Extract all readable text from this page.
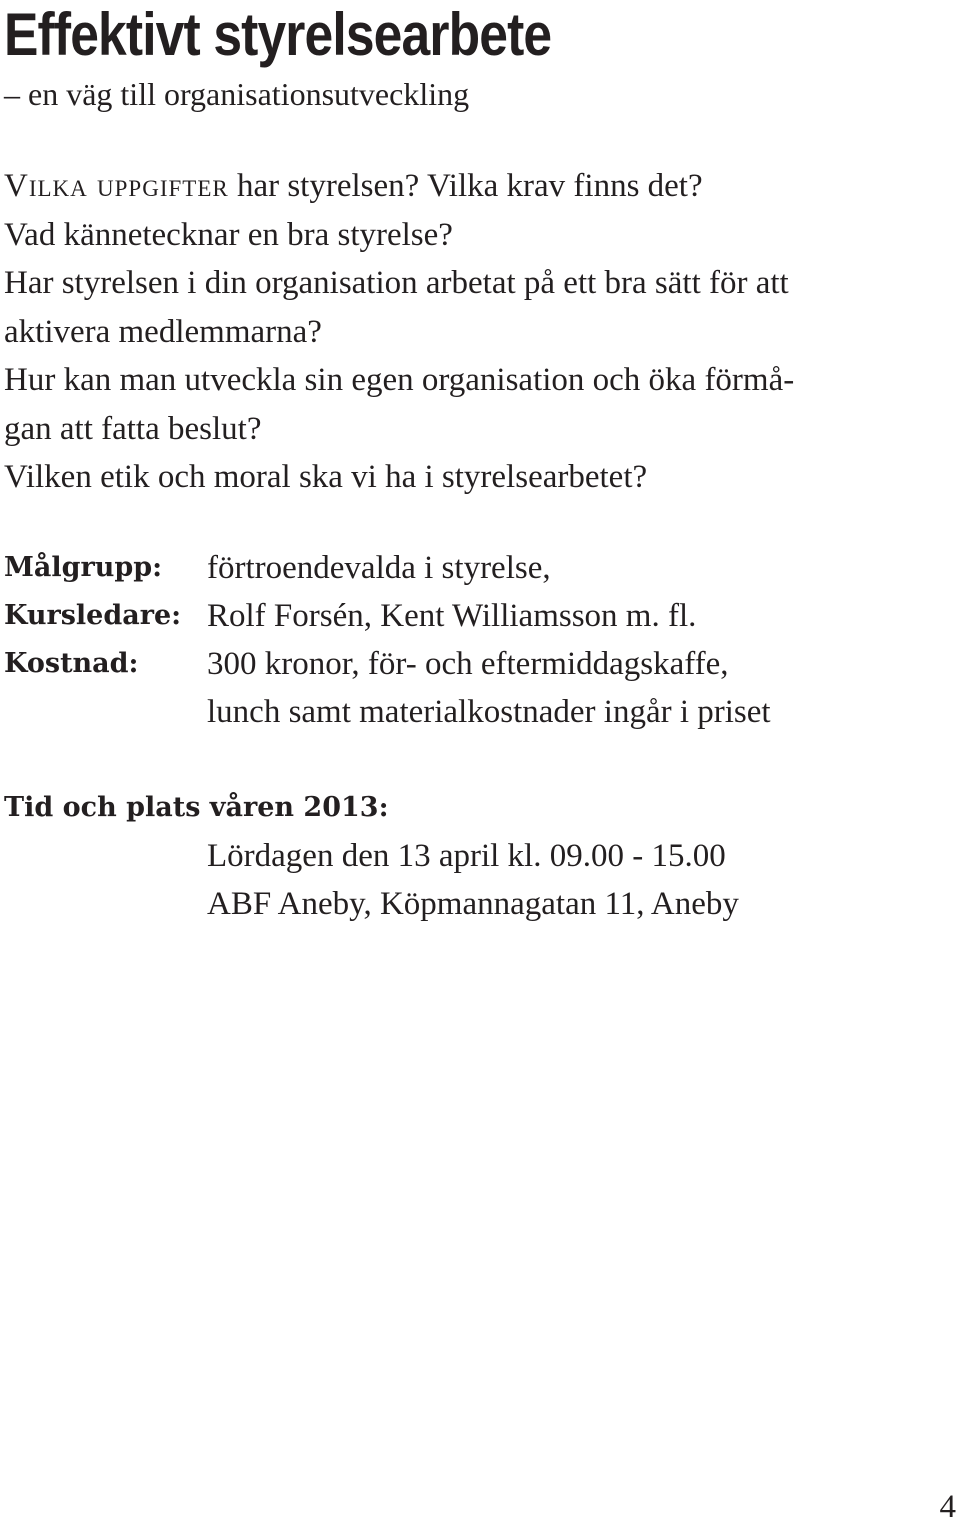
Effektivt styrelsearbete
– en väg till organisationsutveckling
Vilka uppgifter har styrelsen? Vilka krav finns det?
Vad kännetecknar en bra styrelse?
Har styrelsen i din organisation arbetat på ett bra sätt för att
aktivera medlemmarna?
Hur kan man utveckla sin egen organisation och öka förmå-
gan att fatta beslut?
Vilken etik och moral ska vi ha i styrelsearbetet?
Målgrupp:	förtroendevalda i styrelse,
Kursledare: Rolf Forsén, Kent Williamsson m. fl.
Kostnad:	300 kronor, för- och eftermiddagskaffe,
lunch samt materialkostnader ingår i priset
Tid och plats våren 2013:
Lördagen den 13 april kl. 09.00 - 15.00
ABF Aneby, Köpmannagatan 11, Aneby
4
